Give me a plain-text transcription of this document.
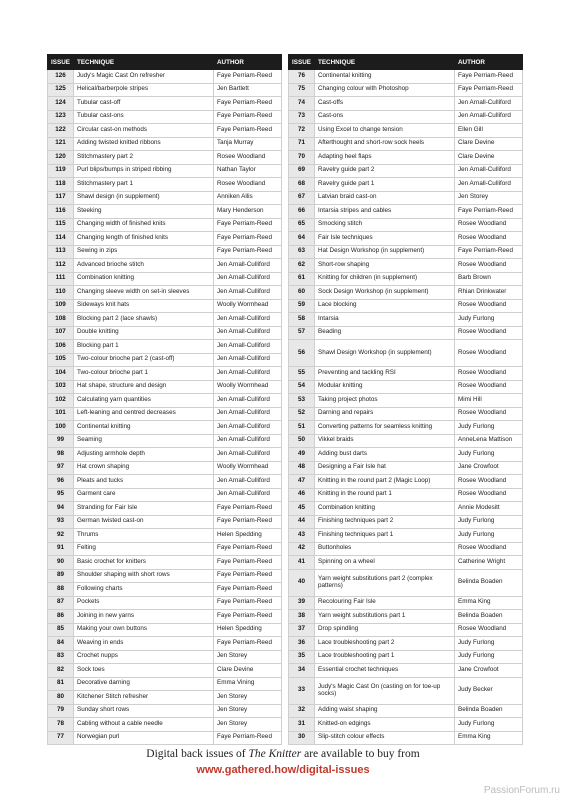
ISSUE	TECHNIQUE	AUTHOR
126	Judy's Magic Cast On refresher	Faye Perriam-Reed
125	Helical/barberpole stripes	Jen Bartlett
124	Tubular cast-off	Faye Perriam-Reed
123	Tubular cast-ons	Faye Perriam-Reed
122	Circular cast-on methods	Faye Perriam-Reed
121	Adding twisted knitted ribbons	Tanja Murray
120	Stitchmastery part 2	Rosee Woodland
119	Purl blips/bumps in striped ribbing	Nathan Taylor
118	Stitchmastery part 1	Rosee Woodland
117	Shawl design (in supplement)	Anniken Allis
116	Steeking	Mary Henderson
115	Changing width of finished knits	Faye Perriam-Reed
114	Changing length of finished knits	Faye Perriam-Reed
113	Sewing in zips	Faye Perriam-Reed
112	Advanced brioche stitch	Jen Arnall-Culliford
111	Combination knitting	Jen Arnall-Culliford
110	Changing sleeve width on set-in sleeves	Jen Arnall-Culliford
109	Sideways knit hats	Woolly Wormhead
108	Blocking part 2 (lace shawls)	Jen Arnall-Culliford
107	Double knitting	Jen Arnall-Culliford
106	Blocking part 1	Jen Arnall-Culliford
105	Two-colour brioche part 2 (cast-off)	Jen Arnall-Culliford
104	Two-colour brioche part 1	Jen Arnall-Culliford
103	Hat shape, structure and design	Woolly Wormhead
102	Calculating yarn quantities	Jen Arnall-Culliford
101	Left-leaning and centred decreases	Jen Arnall-Culliford
100	Continental knitting	Jen Arnall-Culliford
99	Seaming	Jen Arnall-Culliford
98	Adjusting armhole depth	Jen Arnall-Culliford
97	Hat crown shaping	Woolly Wormhead
96	Pleats and tucks	Jen Arnall-Culliford
95	Garment care	Jen Arnall-Culliford
94	Stranding for Fair Isle	Faye Perriam-Reed
93	German twisted cast-on	Faye Perriam-Reed
92	Thrums	Helen Spedding
91	Felting	Faye Perriam-Reed
90	Basic crochet for knitters	Faye Perriam-Reed
89	Shoulder shaping with short rows	Faye Perriam-Reed
88	Following charts	Faye Perriam-Reed
87	Pockets	Faye Perriam-Reed
86	Joining in new yarns	Faye Perriam-Reed
85	Making your own buttons	Helen Spedding
84	Weaving in ends	Faye Perriam-Reed
83	Crochet nupps	Jen Storey
82	Sock toes	Clare Devine
81	Decorative darning	Emma Vining
80	Kitchener Stitch refresher	Jen Storey
79	Sunday short rows	Jen Storey
78	Cabling without a cable needle	Jen Storey
77	Norwegian purl	Faye Perriam-Reed
ISSUE	TECHNIQUE	AUTHOR
76	Continental knitting	Faye Perriam-Reed
75	Changing colour with Photoshop	Faye Perriam-Reed
74	Cast-offs	Jen Arnall-Culliford
73	Cast-ons	Jen Arnall-Culliford
72	Using Excel to change tension	Ellen Gill
71	Afterthought and short-row sock heels	Clare Devine
70	Adapting heel flaps	Clare Devine
69	Ravelry guide part 2	Jen Arnall-Culliford
68	Ravelry guide part 1	Jen Arnall-Culliford
67	Latvian braid cast-on	Jen Storey
66	Intarsia stripes and cables	Faye Perriam-Reed
65	Smocking stitch	Rosee Woodland
64	Fair Isle techniques	Rosee Woodland
63	Hat Design Workshop (in supplement)	Faye Perriam-Reed
62	Short-row shaping	Rosee Woodland
61	Knitting for children (in supplement)	Barb Brown
60	Sock Design Workshop (in supplement)	Rhian Drinkwater
59	Lace blocking	Rosee Woodland
58	Intarsia	Judy Furlong
57	Beading	Rosee Woodland
56	Shawl Design Workshop (in supplement)	Rosee Woodland
55	Preventing and tackling RSI	Rosee Woodland
54	Modular knitting	Rosee Woodland
53	Taking project photos	Mimi Hill
52	Darning and repairs	Rosee Woodland
51	Converting patterns for seamless knitting	Judy Furlong
50	Vikkel braids	AnneLena Mattison
49	Adding bust darts	Judy Furlong
48	Designing a Fair Isle hat	Jane Crowfoot
47	Knitting in the round part 2 (Magic Loop)	Rosee Woodland
46	Knitting in the round part 1	Rosee Woodland
45	Combination knitting	Annie Modesitt
44	Finishing techniques part 2	Judy Furlong
43	Finishing techniques part 1	Judy Furlong
42	Buttonholes	Rosee Woodland
41	Spinning on a wheel	Catherine Wright
40	Yarn weight substitutions part 2 (complex patterns)	Belinda Boaden
39	Recolouring Fair Isle	Emma King
38	Yarn weight substitutions part 1	Belinda Boaden
37	Drop spindling	Rosee Woodland
36	Lace troubleshooting part 2	Judy Furlong
35	Lace troubleshooting part 1	Judy Furlong
34	Essential crochet techniques	Jane Crowfoot
33	Judy's Magic Cast On (casting on for toe-up socks)	Judy Becker
32	Adding waist shaping	Belinda Boaden
31	Knitted-on edgings	Judy Furlong
30	Slip-stitch colour effects	Emma King
Digital back issues of The Knitter are available to buy from
www.gathered.how/digital-issues
PassionForum.ru
